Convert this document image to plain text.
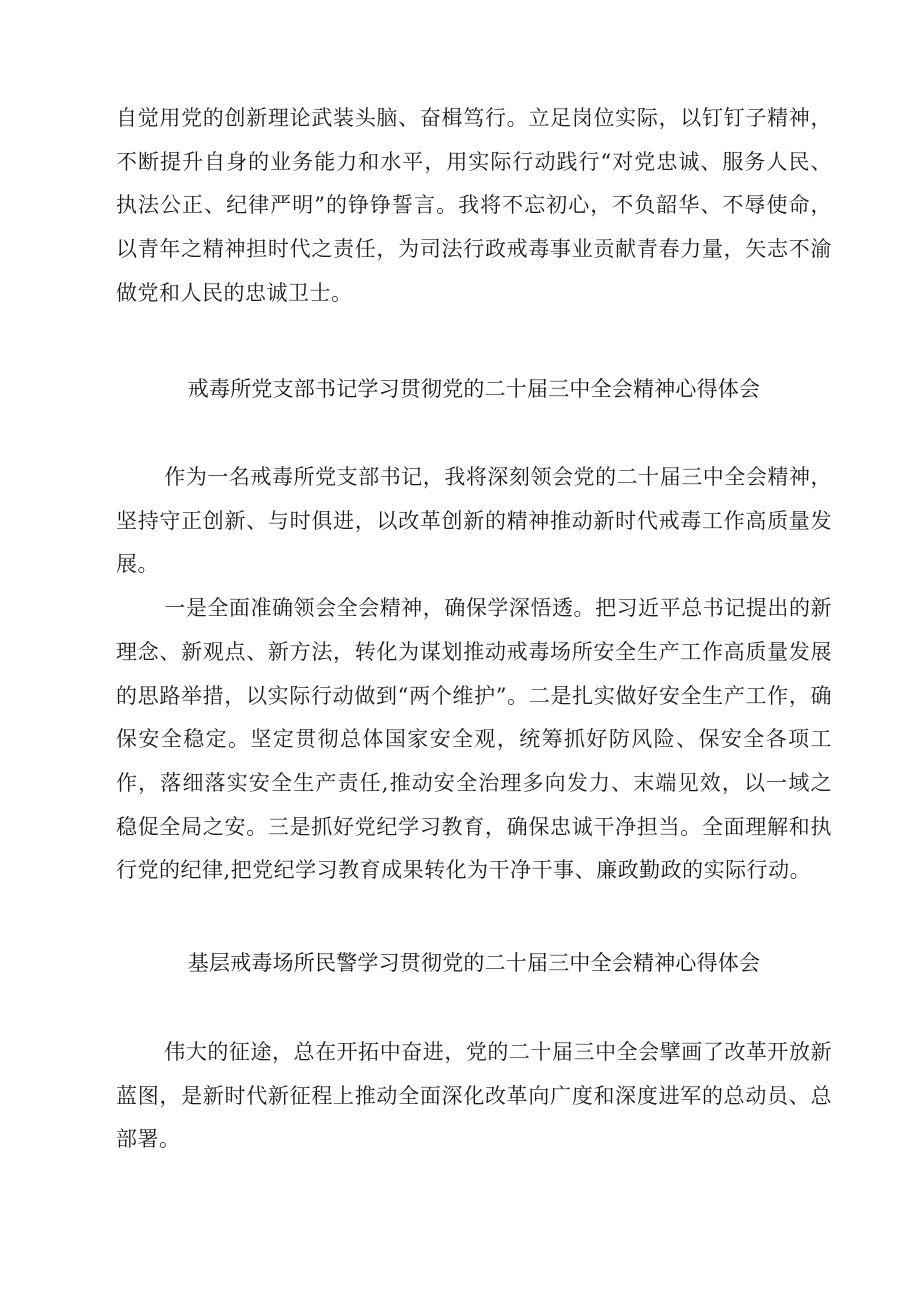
自觉用党的创新理论武装头脑、奋楫笃行。立足岗位实际，以钉钉子精神，不断提升自身的业务能力和水平，用实际行动践行“对党忠诚、服务人民、执法公正、纪律严明”的铮铮誓言。我将不忘初心，不负韶华、不辱使命，以青年之精神担时代之责任，为司法行政戒毒事业贡献青春力量，矢志不渝做党和人民的忠诚卫士。

戒毒所党支部书记学习贯彻党的二十届三中全会精神心得体会

作为一名戒毒所党支部书记，我将深刻领会党的二十届三中全会精神，坚持守正创新、与时俱进，以改革创新的精神推动新时代戒毒工作高质量发展。

一是全面准确领会全会精神，确保学深悟透。把习近平总书记提出的新理念、新观点、新方法，转化为谋划推动戒毒场所安全生产工作高质量发展的思路举措，以实际行动做到“两个维护”。二是扎实做好安全生产工作，确保安全稳定。坚定贯彻总体国家安全观，统筹抓好防风险、保安全各项工作，落细落实安全生产责任,推动安全治理多向发力、末端见效，以一域之稳促全局之安。三是抓好党纪学习教育，确保忠诚干净担当。全面理解和执行党的纪律,把党纪学习教育成果转化为干净干事、廉政勤政的实际行动。

基层戒毒场所民警学习贯彻党的二十届三中全会精神心得体会

伟大的征途，总在开拓中奋进，党的二十届三中全会擘画了改革开放新蓝图，是新时代新征程上推动全面深化改革向广度和深度进军的总动员、总部署。
